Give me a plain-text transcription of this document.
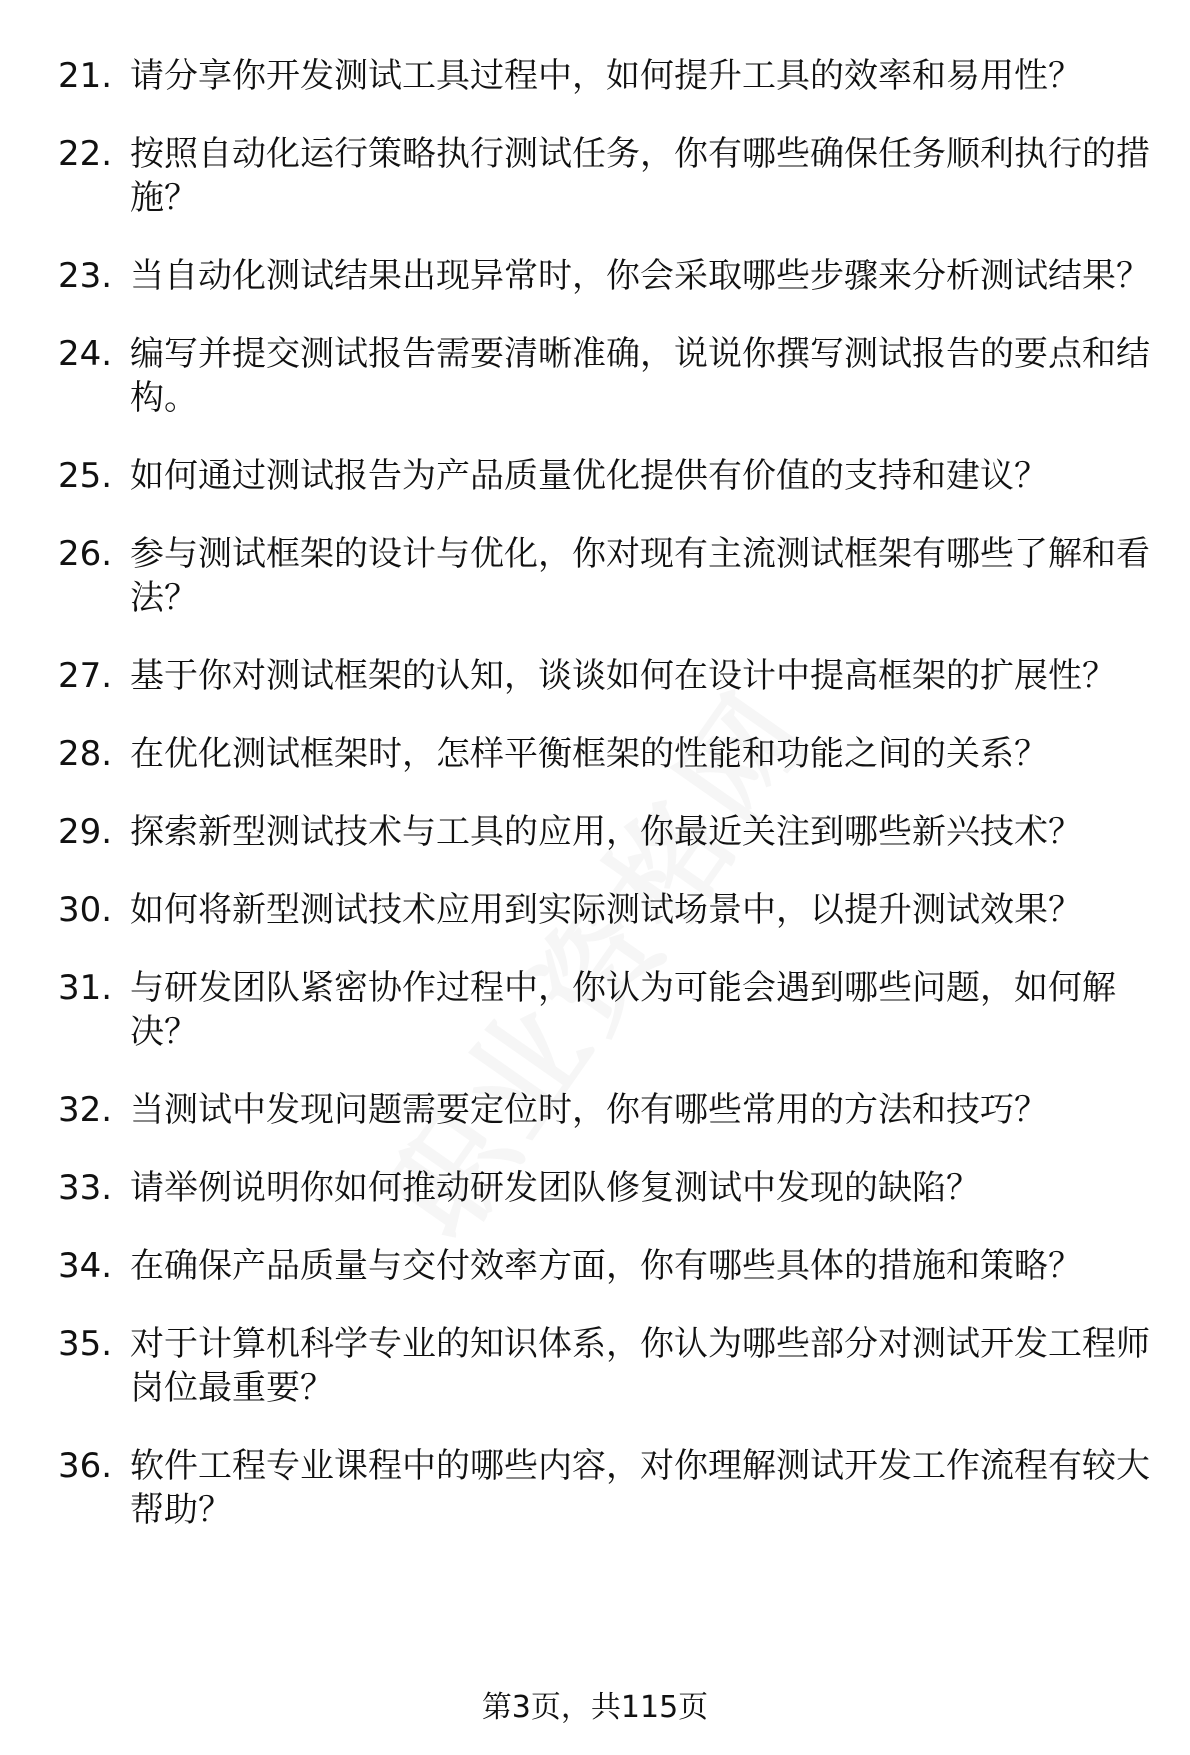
21. 请分享你开发测试工具过程中，如何提升工具的效率和易用性？
22. 按照自动化运行策略执行测试任务，你有哪些确保任务顺利执行的措施？
23. 当自动化测试结果出现异常时，你会采取哪些步骤来分析测试结果？
24. 编写并提交测试报告需要清晰准确，说说你撰写测试报告的要点和结构。
25. 如何通过测试报告为产品质量优化提供有价值的支持和建议？
26. 参与测试框架的设计与优化，你对现有主流测试框架有哪些了解和看法？
27. 基于你对测试框架的认知，谈谈如何在设计中提高框架的扩展性？
28. 在优化测试框架时，怎样平衡框架的性能和功能之间的关系？
29. 探索新型测试技术与工具的应用，你最近关注到哪些新兴技术？
30. 如何将新型测试技术应用到实际测试场景中，以提升测试效果？
31. 与研发团队紧密协作过程中，你认为可能会遇到哪些问题，如何解决？
32. 当测试中发现问题需要定位时，你有哪些常用的方法和技巧？
33. 请举例说明你如何推动研发团队修复测试中发现的缺陷？
34. 在确保产品质量与交付效率方面，你有哪些具体的措施和策略？
35. 对于计算机科学专业的知识体系，你认为哪些部分对测试开发工程师岗位最重要？
36. 软件工程专业课程中的哪些内容，对你理解测试开发工作流程有较大帮助？
第3页，共115页
